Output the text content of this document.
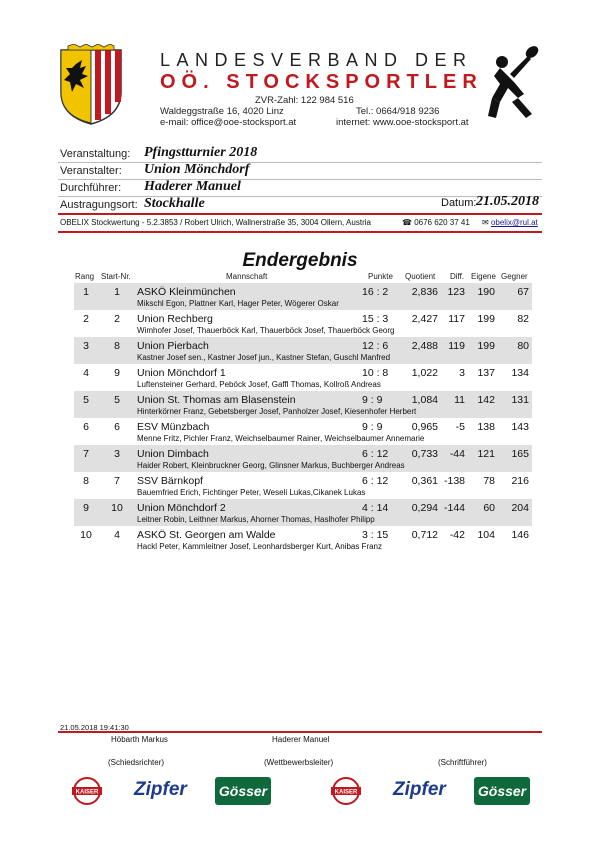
LANDESVERBAND DER
OÖ. STOCKSPORTLER
ZVR-Zahl: 122 984 516
Waldeggstraße 16, 4020 Linz	Tel.: 0664/918 9236
e-mail: office@ooe-stocksport.at	internet: www.ooe-stocksport.at
Veranstaltung: Pfingstturnier 2018
Veranstalter: Union Mönchdorf
Durchführer: Haderer Manuel
Austragungsort: Stockhalle	Datum: 21.05.2018
OBELIX Stockwertung - 5.2.3853 / Robert Ulrich, Wallnerstraße 35, 3004 Ollern, Austria	☎ 0676 620 37 41 ✉ obelix@rul.at
Endergebnis
Rang Start-Nr.	Mannschaft	Punkte Quotient Diff. Eigene Gegner
1	1	ASKÖ Kleinmünchen	16 : 2	2,836 123	190	67
Mikschl Egon, Plattner Karl, Hager Peter, Wögerer Oskar
2	2	Union Rechberg	15 : 3	2,427 117	199	82
Wimhofer Josef, Thauerböck Karl, Thauerböck Josef, Thauerböck Georg
3	8	Union Pierbach	12 : 6	2,488 119	199	80
Kastner Josef sen., Kastner Josef jun., Kastner Stefan, Guschl Manfred
4	9	Union Mönchdorf 1	10 : 8	1,022	3	137	134
Luftensteiner Gerhard, Peböck Josef, Gaffl Thomas, Kollroß Andreas
5	5	Union St. Thomas am Blasenstein	9 : 9	1,084	11	142	131
Hinterkörner Franz, Gebetsberger Josef, Panholzer Josef, Kiesenhofer Herbert
6	6	ESV Münzbach	9 : 9	0,965	-5	138	143
Menne Fritz, Pichler Franz, Weichselbaumer Rainer, Weichselbaumer Annemarie
7	3	Union Dimbach	6 : 12	0,733	-44	121	165
Haider Robert, Kleinbruckner Georg, Glinsner Markus, Buchberger Andreas
8	7	SSV Bärnkopf	6 : 12	0,361 -138	78	216
Bauemfried Erich, Fichtinger Peter, Weseli Lukas,Cikanek Lukas
9 10 Union Mönchdorf 2	4 : 14	0,294 -144	60	204
Leitner Robin, Leithner Markus, Ahorner Thomas, Haslhofer Philipp
10	4	ASKÖ St. Georgen am Walde	3 : 15	0,712	-42	104	146
Hackl Peter, Kammleitner Josef, Leonhardsberger Kurt, Anibas Franz
21.05.2018 19:41:30
Höbarth Markus	Haderer Manuel
(Schiedsrichter)	(Wettbewerbsleiter)	(Schriftführer)
KAISER Zipfer Gösser	KAISER Zipfer Gösser
